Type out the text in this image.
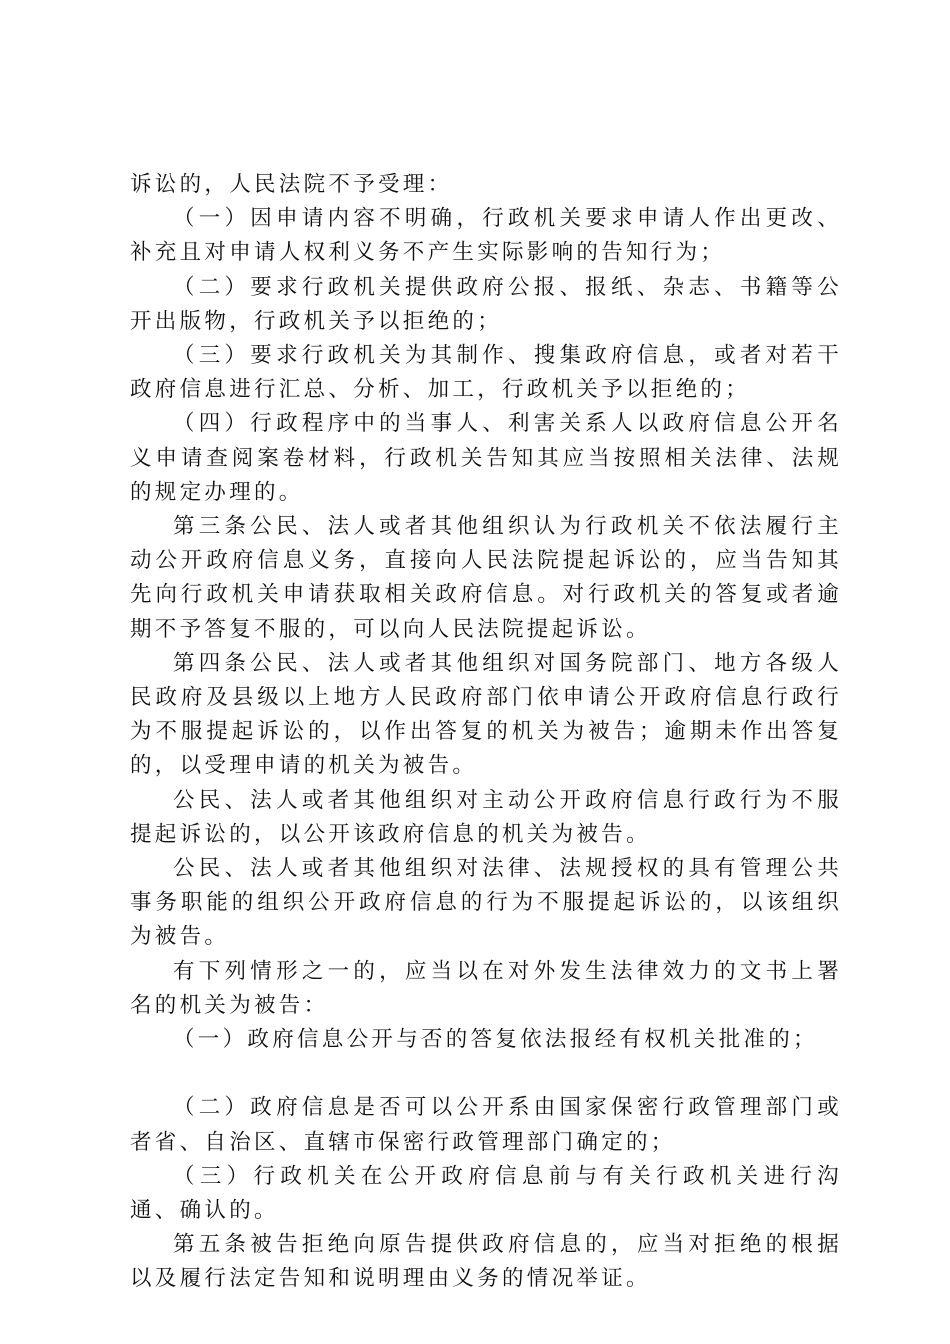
诉讼的，人民法院不予受理：

（一）因申请内容不明确，行政机关要求申请人作出更改、补充且对申请人权利义务不产生实际影响的告知行为；

（二）要求行政机关提供政府公报、报纸、杂志、书籍等公开出版物，行政机关予以拒绝的；

（三）要求行政机关为其制作、搜集政府信息，或者对若干政府信息进行汇总、分析、加工，行政机关予以拒绝的；

（四）行政程序中的当事人、利害关系人以政府信息公开名义申请查阅案卷材料，行政机关告知其应当按照相关法律、法规的规定办理的。

第三条公民、法人或者其他组织认为行政机关不依法履行主动公开政府信息义务，直接向人民法院提起诉讼的，应当告知其先向行政机关申请获取相关政府信息。对行政机关的答复或者逾期不予答复不服的，可以向人民法院提起诉讼。

第四条公民、法人或者其他组织对国务院部门、地方各级人民政府及县级以上地方人民政府部门依申请公开政府信息行政行为不服提起诉讼的，以作出答复的机关为被告；逾期未作出答复的，以受理申请的机关为被告。

公民、法人或者其他组织对主动公开政府信息行政行为不服提起诉讼的，以公开该政府信息的机关为被告。

公民、法人或者其他组织对法律、法规授权的具有管理公共事务职能的组织公开政府信息的行为不服提起诉讼的，以该组织为被告。

有下列情形之一的，应当以在对外发生法律效力的文书上署名的机关为被告：

（一）政府信息公开与否的答复依法报经有权机关批准的；

（二）政府信息是否可以公开系由国家保密行政管理部门或者省、自治区、直辖市保密行政管理部门确定的；

（三）行政机关在公开政府信息前与有关行政机关进行沟通、确认的。

第五条被告拒绝向原告提供政府信息的，应当对拒绝的根据以及履行法定告知和说明理由义务的情况举证。
